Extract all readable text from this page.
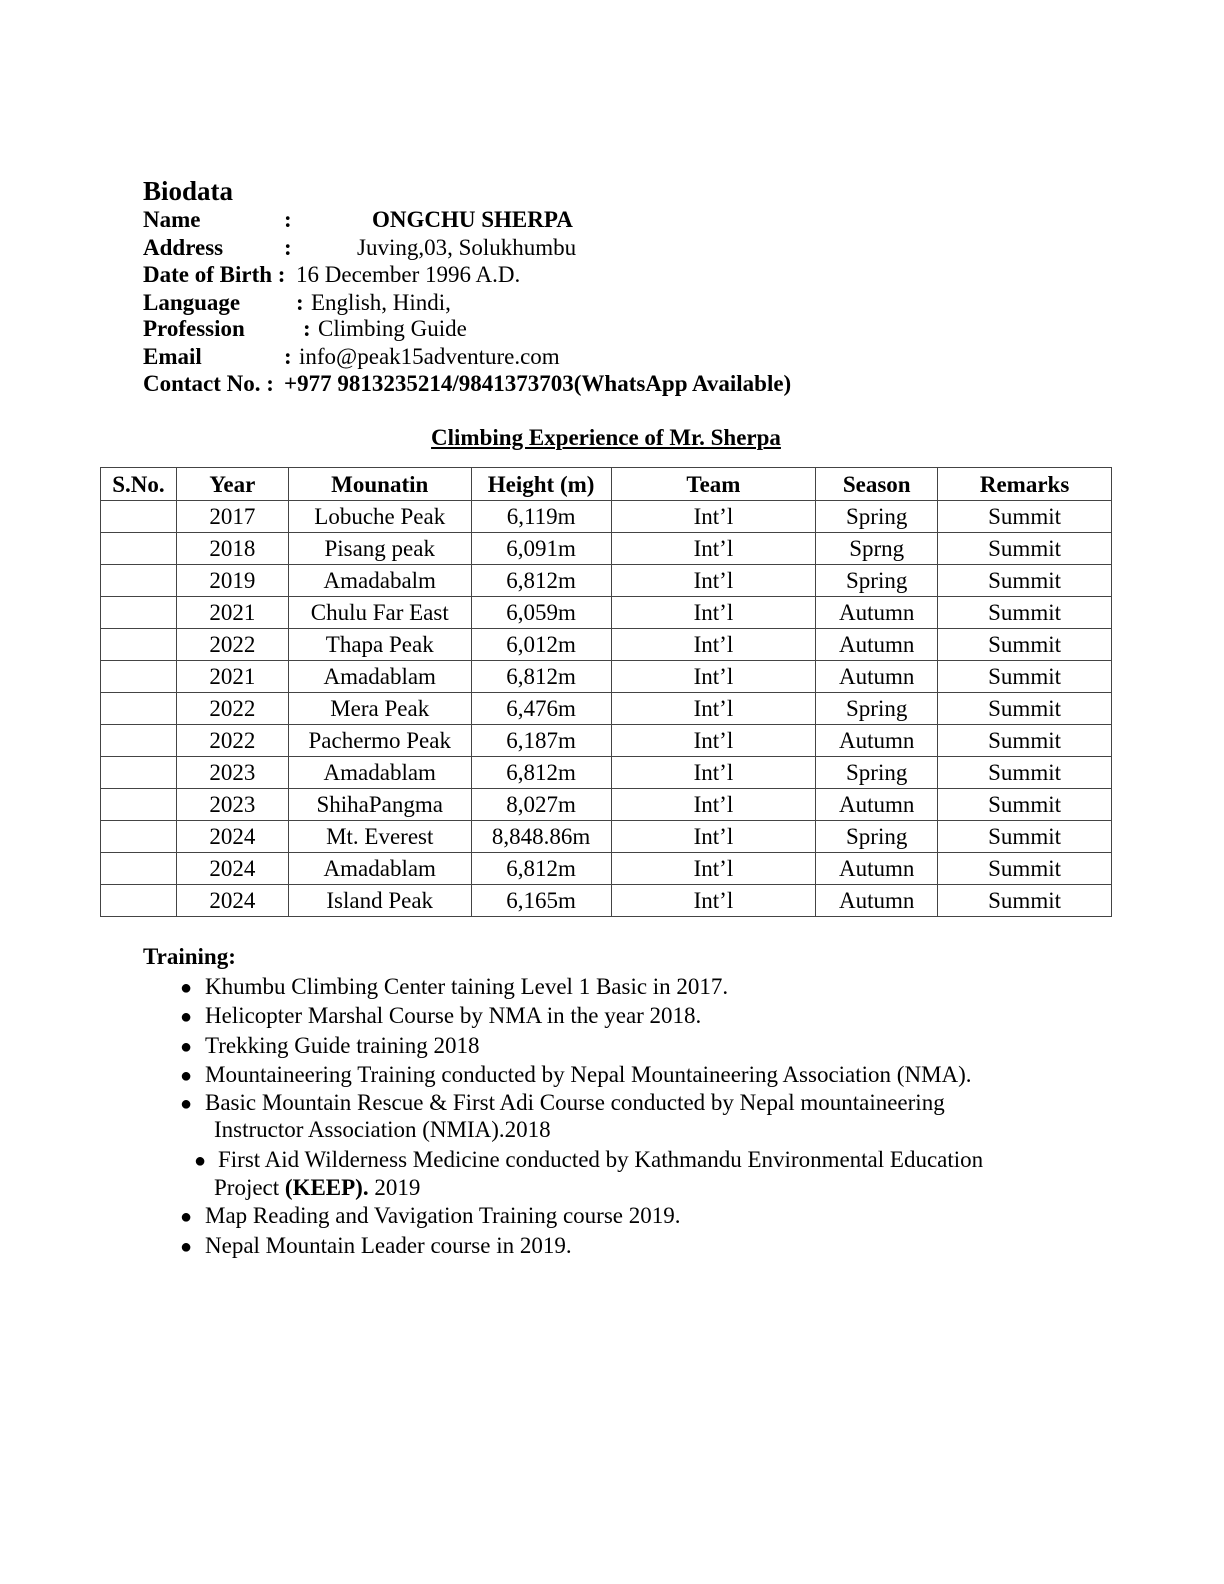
Biodata
Name	:	ONGCHU SHERPA
Address	:	Juving,03, Solukhumbu
Date of Birth : 16 December 1996 A.D.
Language : English, Hindi,
Profession	: Climbing Guide
Email	: info@peak15adventure.com
Contact No. : +977 9813235214/9841373703(WhatsApp Available)
Climbing Experience of Mr. Sherpa
S.No.	Year	Mounatin	Height (m)	Team	Season	Remarks
	2017	Lobuche Peak	6,119m	Int’l	Spring	Summit
	2018	Pisang peak	6,091m	Int’l	Sprng	Summit
	2019	Amadabalm	6,812m	Int’l	Spring	Summit
	2021	Chulu Far East	6,059m	Int’l	Autumn	Summit
	2022	Thapa Peak	6,012m	Int’l	Autumn	Summit
	2021	Amadablam	6,812m	Int’l	Autumn	Summit
	2022	Mera Peak	6,476m	Int’l	Spring	Summit
	2022	Pachermo Peak	6,187m	Int’l	Autumn	Summit
	2023	Amadablam	6,812m	Int’l	Spring	Summit
	2023	ShihaPangma	8,027m	Int’l	Autumn	Summit
	2024	Mt. Everest	8,848.86m	Int’l	Spring	Summit
	2024	Amadablam	6,812m	Int’l	Autumn	Summit
	2024	Island Peak	6,165m	Int’l	Autumn	Summit
Training:
● Khumbu Climbing Center taining Level 1 Basic in 2017.
● Helicopter Marshal Course by NMA in the year 2018.
● Trekking Guide training 2018
● Mountaineering Training conducted by Nepal Mountaineering Association (NMA).
● Basic Mountain Rescue & First Adi Course conducted by Nepal mountaineering
Instructor Association (NMIA).2018
● First Aid Wilderness Medicine conducted by Kathmandu Environmental Education
Project (KEEP). 2019
● Map Reading and Vavigation Training course 2019.
● Nepal Mountain Leader course in 2019.
